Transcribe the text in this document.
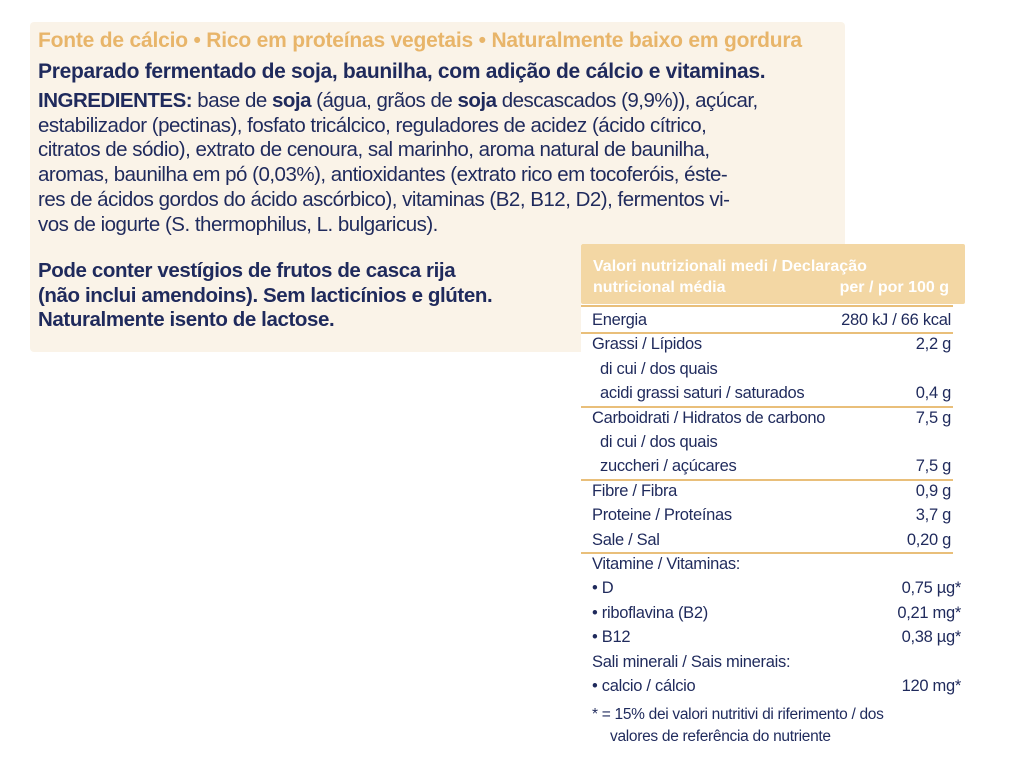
Fonte de cálcio • Rico em proteínas vegetais • Naturalmente baixo em gordura
Preparado fermentado de soja, baunilha, com adição de cálcio e vitaminas.
INGREDIENTES: base de soja (água, grãos de soja descascados (9,9%)), açúcar,
estabilizador (pectinas), fosfato tricálcico, reguladores de acidez (ácido cítrico,
citratos de sódio), extrato de cenoura, sal marinho, aroma natural de baunilha,
aromas, baunilha em pó (0,03%), antioxidantes (extrato rico em tocoferóis, éste-
res de ácidos gordos do ácido ascórbico), vitaminas (B2, B12, D2), fermentos vi-
vos de iogurte (S. thermophilus, L. bulgaricus).
Pode conter vestígios de frutos de casca rija
(não inclui amendoins). Sem lacticínios e glúten.
Naturalmente isento de lactose.
Valori nutrizionali medi / Declaração
nutricional média	per / por 100 g
Energia	280 kJ / 66 kcal
Grassi / Lípidos	2,2 g
di cui / dos quais
acidi grassi saturi / saturados	0,4 g
Carboidrati / Hidratos de carbono	7,5 g
di cui / dos quais
zuccheri / açúcares	7,5 g
Fibre / Fibra	0,9 g
Proteine / Proteínas	3,7 g
Sale / Sal	0,20 g
Vitamine / Vitaminas:
• D	0,75 µg*
• riboflavina (B2)	0,21 mg*
• B12	0,38 µg*
Sali minerali / Sais minerais:
• calcio / cálcio	120 mg*
* = 15% dei valori nutritivi di riferimento / dos
valores de referência do nutriente
